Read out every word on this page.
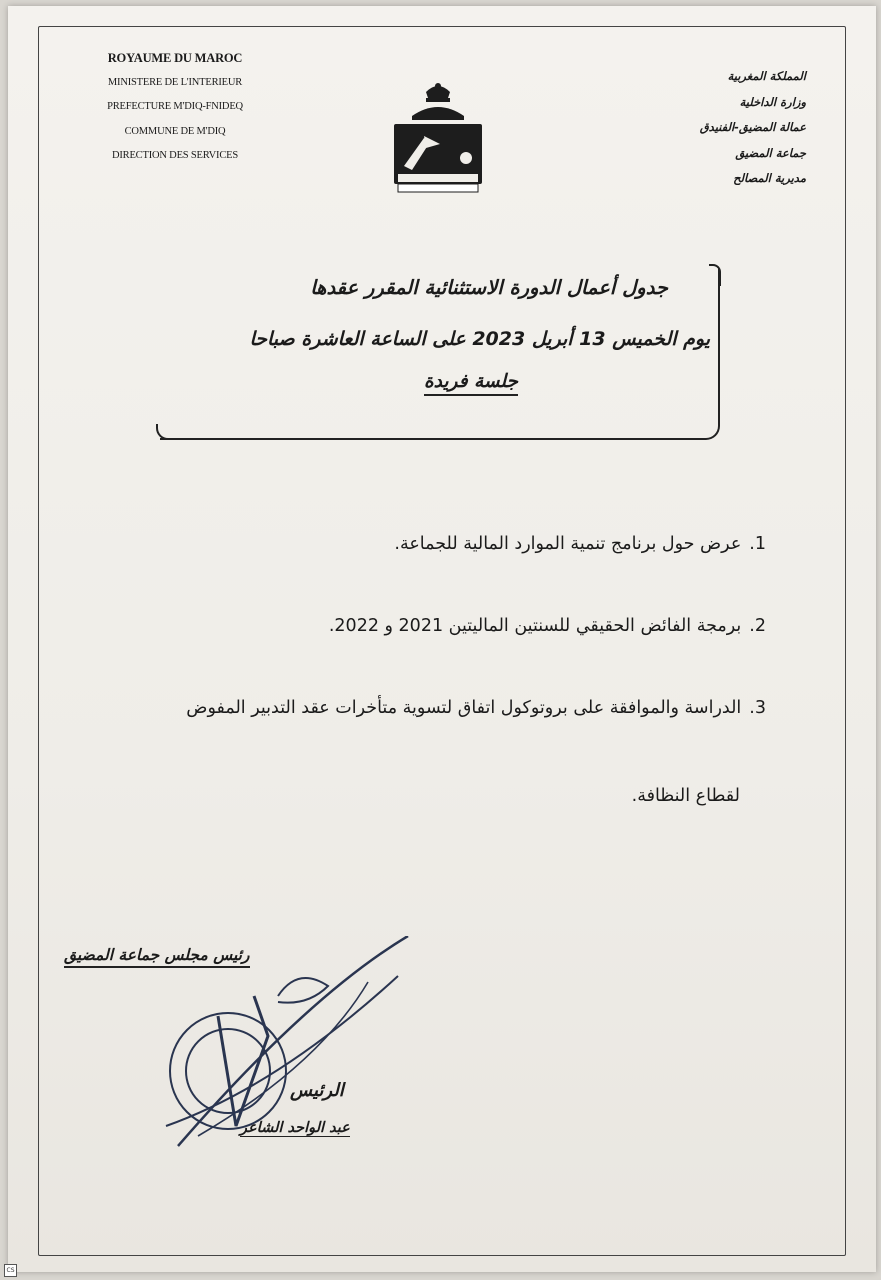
ROYAUME DU MAROC
MINISTERE DE L'INTERIEUR
PREFECTURE M'DIQ-FNIDEQ
COMMUNE DE M'DIQ
DIRECTION DES SERVICES
المملكة المغربية
وزارة الداخلية
عمالة المضيق-الفنيدق
جماعة المضيق
مديرية المصالح
جدول أعمال الدورة الاستثنائية المقرر عقدها
يوم الخميس 13 أبريل 2023 على الساعة العاشرة صباحا
جلسة فريدة
1.عرض حول برنامج تنمية الموارد المالية للجماعة.
2.برمجة الفائض الحقيقي للسنتين الماليتين 2021 و 2022.
3.الدراسة والموافقة على بروتوكول اتفاق لتسوية متأخرات عقد التدبير المفوض
لقطاع النظافة.
رئيس مجلس جماعة المضيق
الرئيس
عبد الواحد الشاعر
CS
